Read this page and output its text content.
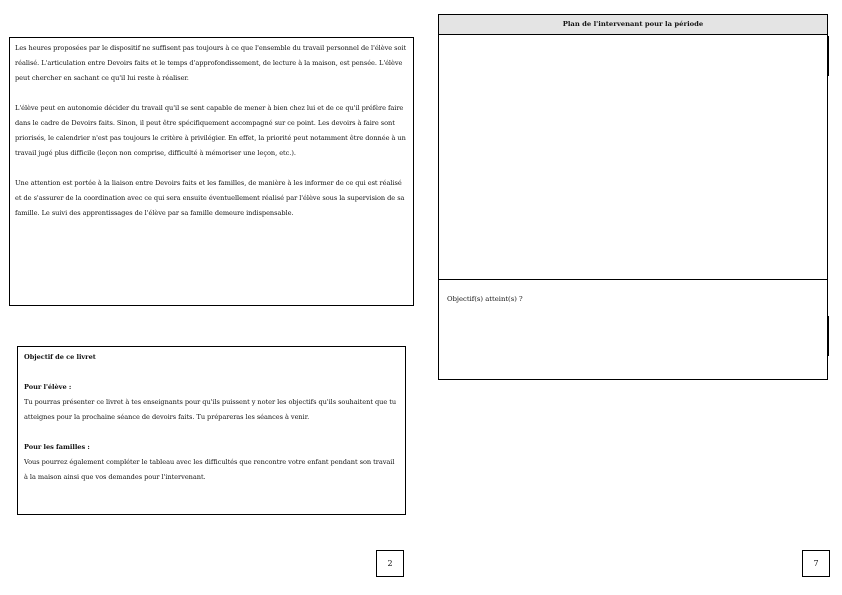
Les heures proposées par le dispositif ne suffisent pas toujours à ce que l'ensemble du travail personnel de l'élève soit réalisé. L'articulation entre Devoirs faits et le temps d'approfondissement, de lecture à la maison, est pensée. L'élève peut chercher en sachant ce qu'il lui reste à réaliser.

L'élève peut en autonomie décider du travail qu'il se sent capable de mener à bien chez lui et de ce qu'il préfère faire dans le cadre de Devoirs faits. Sinon, il peut être spécifiquement accompagné sur ce point. Les devoirs à faire sont priorisés, le calendrier n'est pas toujours le critère à privilégier. En effet, la priorité peut notamment être donnée à un travail jugé plus difficile (leçon non comprise, difficulté à mémoriser une leçon, etc.).

Une attention est portée à la liaison entre Devoirs faits et les familles, de manière à les informer de ce qui est réalisé et de s'assurer de la coordination avec ce qui sera ensuite éventuellement réalisé par l'élève sous la supervision de sa famille. Le suivi des apprentissages de l'élève par sa famille demeure indispensable.

Objectif de ce livret
Pour l'élève :

Tu pourras présenter ce livret à tes enseignants pour qu'ils puissent y noter les objectifs qu'ils souhaitent que tu atteignes pour la prochaine séance de devoirs faits. Tu prépareras les séances à venir.

Pour les familles :

Vous pourrez également compléter le tableau avec les difficultés que rencontre votre enfant pendant son travail à la maison ainsi que vos demandes pour l'intervenant.

Plan de l'intervenant pour la période
Objectif(s) atteint(s) ?
2	7
